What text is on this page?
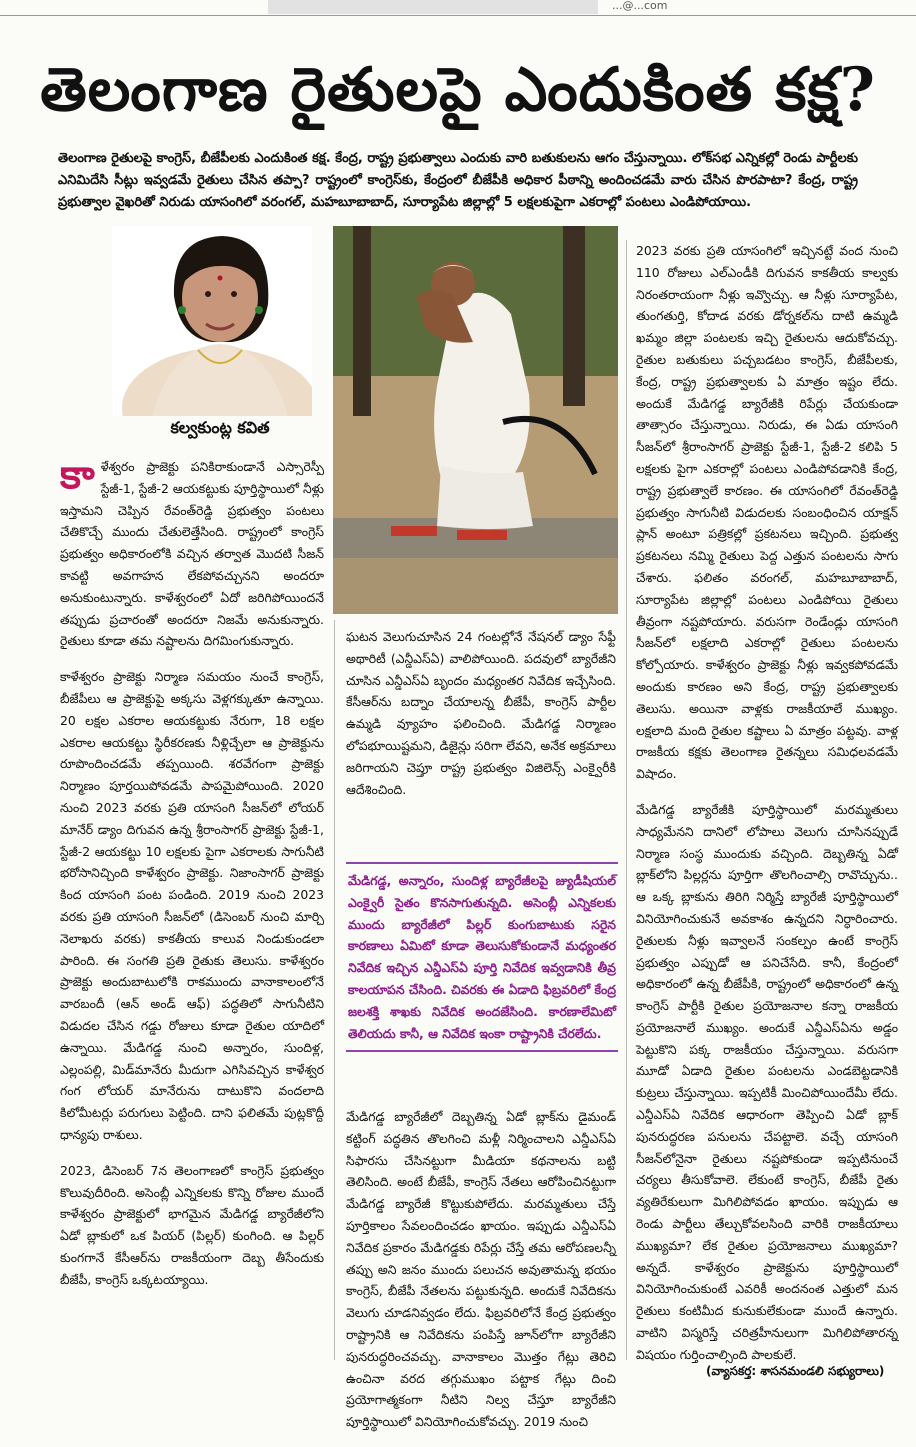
...@...com
తెలంగాణ రైతులపై ఎందుకింత కక్ష?
తెలంగాణ రైతులపై కాంగ్రెస్, బీజేపీలకు ఎందుకింత కక్ష. కేంద్ర, రాష్ట్ర ప్రభుత్వాలు ఎందుకు వారి బతుకులను ఆగం చేస్తున్నాయి. లోక్‌సభ ఎన్నికల్లో రెండు పార్టీలకు ఎనిమిదేసి సీట్లు ఇవ్వడమే రైతులు చేసిన తప్పా? రాష్ట్రంలో కాంగ్రెస్‌కు, కేంద్రంలో బీజేపీకి అధికార పీఠాన్ని అందించడమే వారు చేసిన పొరపాటా? కేంద్ర, రాష్ట్ర ప్రభుత్వాల వైఖరితో నిరుడు యాసంగిలో వరంగల్, మహబూబాబాద్, సూర్యాపేట జిల్లాల్లో 5 లక్షలకుపైగా ఎకరాల్లో పంటలు ఎండిపోయాయి.
కల్వకుంట్ల కవిత

కాళేశ్వరం ప్రాజెక్టు పనికిరాకుండానే ఎస్సారెస్పీ స్టేజీ-1, స్టేజీ-2 ఆయకట్టుకు పూర్తిస్థాయిలో నీళ్లు ఇస్తామని చెప్పిన రేవంత్‌రెడ్డి ప్రభుత్వం పంటలు చేతికొచ్చే ముందు చేతులెత్తేసింది. రాష్ట్రంలో కాంగ్రెస్ ప్రభుత్వం అధికారంలోకి వచ్చిన తర్వాత మొదటి సీజన్ కావట్టి అవగాహన లేకపోవచ్చునని అందరూ అనుకుంటున్నారు. కాళేశ్వరంలో ఏదో జరిగిపోయిందనే తప్పుడు ప్రచారంతో అందరూ నిజమే అనుకున్నారు. రైతులు కూడా తమ నష్టాలను దిగమింగుకున్నారు.

కాళేశ్వరం ప్రాజెక్టు నిర్మాణ సమయం నుంచే కాంగ్రెస్, బీజేపీలు ఆ ప్రాజెక్టుపై అక్కసు వెళ్లగక్కుతూ ఉన్నాయి. 20 లక్షల ఎకరాల ఆయకట్టుకు నేరుగా, 18 లక్షల ఎకరాల ఆయకట్టు స్థిరీకరణకు నీళ్లిచ్చేలా ఆ ప్రాజెక్టును రూపొందించడమే తప్పయింది. శరవేగంగా ప్రాజెక్టు నిర్మాణం పూర్తయిపోవడమే పాపమైపోయింది. 2020 నుంచి 2023 వరకు ప్రతి యాసంగి సీజన్‌లో లోయర్ మానేర్ డ్యాం దిగువన ఉన్న శ్రీరాంసాగర్ ప్రాజెక్టు స్టేజీ-1, స్టేజీ-2 ఆయకట్టు 10 లక్షలకు పైగా ఎకరాలకు సాగునీటి భరోసానిచ్చింది కాళేశ్వరం ప్రాజెక్టు. నిజాంసాగర్ ప్రాజెక్టు కింద యాసంగి పంట పండింది. 2019 నుంచి 2023 వరకు ప్రతి యాసంగి సీజన్‌లో (డిసెంబర్ నుంచి మార్చి నెలాఖరు వరకు) కాకతీయ కాలువ నిండుకుండలా పారింది. ఈ సంగతి ప్రతి రైతుకు తెలుసు. కాళేశ్వరం ప్రాజెక్టు అందుబాటులోకి రాకముందు వానాకాలంలోనే వారబందీ (ఆన్ అండ్ ఆఫ్) పద్ధతిలో సాగునీటిని విడుదల చేసిన గడ్డు రోజులు కూడా రైతుల యాదిలో ఉన్నాయి. మేడిగడ్డ నుంచి అన్నారం, సుందిళ్ల, ఎల్లంపల్లి, మిడ్‌మానేరు మీదుగా ఎగిసివచ్చిన కాళేశ్వర గంగ లోయర్ మానేరును దాటుకొని వందలాది కిలోమీటర్లు పరుగులు పెట్టింది. దాని ఫలితమే పుట్లకొద్దీ ధాన్యపు రాశులు.

2023, డిసెంబర్ 7న తెలంగాణలో కాంగ్రెస్ ప్రభుత్వం కొలువుదీరింది. అసెంబ్లీ ఎన్నికలకు కొన్ని రోజుల ముందే కాళేశ్వరం ప్రాజెక్టులో భాగమైన మేడిగడ్డ బ్యారేజీలోని ఏడో బ్లాకులో ఒక పియర్ (పిల్లర్) కుంగింది. ఆ పిల్లర్ కుంగగానే కేసీఆర్‌ను రాజకీయంగా దెబ్బ తీసేందుకు బీజేపీ, కాంగ్రెస్ ఒక్కటయ్యాయి.

ఘటన వెలుగుచూసిన 24 గంటల్లోనే నేషనల్ డ్యాం సేఫ్టీ అథారిటీ (ఎన్డీఎస్ఏ) వాలిపోయింది. పదవులో బ్యారేజీని చూసిన ఎన్డీఎస్ఏ బృందం మధ్యంతర నివేదిక ఇచ్చేసింది. కేసీఆర్‌ను బద్నాం చేయాలన్న బీజేపీ, కాంగ్రెస్ పార్టీల ఉమ్మడి వ్యూహం ఫలించింది. మేడిగడ్డ నిర్మాణం లోపభూయిష్టమని, డిజైన్లు సరిగా లేవని, అనేక అక్రమాలు జరిగాయని చెప్తూ రాష్ట్ర ప్రభుత్వం విజిలెన్స్ ఎంక్వైరీకి ఆదేశించింది.

మేడిగడ్డ, అన్నారం, సుందిళ్ల బ్యారేజీలపై జ్యుడీషియల్ ఎంక్వైరీ సైతం కొనసాగుతున్నది. అసెంబ్లీ ఎన్నికలకు ముందు బ్యారేజీలో పిల్లర్ కుంగుబాటుకు సరైన కారణాలు ఏమిటో కూడా తెలుసుకోకుండానే మధ్యంతర నివేదిక ఇచ్చిన ఎన్డీఎస్ఏ పూర్తి నివేదిక ఇవ్వడానికి తీవ్ర కాలయాపన చేసింది. చివరకు ఈ ఏడాది ఫిబ్రవరిలో కేంద్ర జలశక్తి శాఖకు నివేదిక అందజేసింది. కారణాలేమిటో తెలియదు కానీ, ఆ నివేదిక ఇంకా రాష్ట్రానికి చేరలేదు.

మేడిగడ్డ బ్యారేజీలో దెబ్బతిన్న ఏడో బ్లాక్‌ను డైమండ్ కట్టింగ్ పద్ధతిన తొలగించి మళ్లీ నిర్మించాలని ఎన్డీఎస్ఏ సిఫారసు చేసినట్టుగా మీడియా కథనాలను బట్టి తెలిసింది. అంటే బీజేపీ, కాంగ్రెస్ నేతలు ఆరోపించినట్టుగా మేడిగడ్డ బ్యారేజీ కొట్టుకుపోలేదు. మరమ్మతులు చేస్తే పూర్తికాలం సేవలందించడం ఖాయం. ఇప్పుడు ఎన్డీఎస్ఏ నివేదిక ప్రకారం మేడిగడ్డకు రిపేర్లు చేస్తే తమ ఆరోపణలన్నీ తప్పు అని జనం ముందు పలుచన అవుతామన్న భయం కాంగ్రెస్, బీజేపీ నేతలను పట్టుకున్నది. అందుకే నివేదికను వెలుగు చూడనివ్వడం లేదు. ఫిబ్రవరిలోనే కేంద్ర ప్రభుత్వం రాష్ట్రానికి ఆ నివేదికను పంపిస్తే జూన్‌లోగా బ్యారేజీని పునరుద్ధరించవచ్చు. వానాకాలం మొత్తం గేట్లు తెరిచి ఉంచినా వరద తగ్గుముఖం పట్టాక గేట్లు దించి ప్రయోగాత్మకంగా నీటిని నిల్వ చేస్తూ బ్యారేజీని పూర్తిస్థాయిలో వినియోగించుకోవచ్చు. 2019 నుంచి

2023 వరకు ప్రతి యాసంగిలో ఇచ్చినట్టే వంద నుంచి 110 రోజులు ఎల్ఎండీకి దిగువన కాకతీయ కాల్వకు నిరంతరాయంగా నీళ్లు ఇవ్వొచ్చు. ఆ నీళ్లు సూర్యాపేట, తుంగతుర్తి, కోదాడ వరకు డోర్నకల్‌ను దాటి ఉమ్మడి ఖమ్మం జిల్లా పంటలకు ఇచ్చి రైతులను ఆదుకోవచ్చు. రైతుల బతుకులు పచ్చబడటం కాంగ్రెస్, బీజేపీలకు, కేంద్ర, రాష్ట్ర ప్రభుత్వాలకు ఏ మాత్రం ఇష్టం లేదు. అందుకే మేడిగడ్డ బ్యారేజీకి రిపేర్లు చేయకుండా తాత్సారం చేస్తున్నాయి. నిరుడు, ఈ ఏడు యాసంగి సీజన్‌లో శ్రీరాంసాగర్ ప్రాజెక్టు స్టేజీ-1, స్టేజీ-2 కలిపి 5 లక్షలకు పైగా ఎకరాల్లో పంటలు ఎండిపోవడానికి కేంద్ర, రాష్ట్ర ప్రభుత్వాలే కారణం. ఈ యాసంగిలో రేవంత్‌రెడ్డి ప్రభుత్వం సాగునీటి విడుదలకు సంబంధించిన యాక్షన్ ప్లాన్ అంటూ పత్రికల్లో ప్రకటనలు ఇచ్చింది. ప్రభుత్వ ప్రకటనలు నమ్మి రైతులు పెద్ద ఎత్తున పంటలను సాగు చేశారు. ఫలితం వరంగల్, మహబూబాబాద్, సూర్యాపేట జిల్లాల్లో పంటలు ఎండిపోయి రైతులు తీవ్రంగా నష్టపోయారు. వరుసగా రెండేండ్లు యాసంగి సీజన్‌లో లక్షలాది ఎకరాల్లో రైతులు పంటలను కోల్పోయారు. కాళేశ్వరం ప్రాజెక్టు నీళ్లు ఇవ్వకపోవడమే అందుకు కారణం అని కేంద్ర, రాష్ట్ర ప్రభుత్వాలకు తెలుసు. అయినా వాళ్లకు రాజకీయాలే ముఖ్యం. లక్షలాది మంది రైతుల కష్టాలు ఏ మాత్రం పట్టవు. వాళ్ల రాజకీయ కక్షకు తెలంగాణ రైతన్నలు సమిధలవడమే విషాదం.

మేడిగడ్డ బ్యారేజీకి పూర్తిస్థాయిలో మరమ్మతులు సాధ్యమేనని దానిలో లోపాలు వెలుగు చూసినప్పుడే నిర్మాణ సంస్థ ముందుకు వచ్చింది. దెబ్బతిన్న ఏడో బ్లాక్‌లోని పిల్లర్లను పూర్తిగా తొలగించాల్సి రావొచ్చును.. ఆ ఒక్క బ్లాకును తిరిగి నిర్మిస్తే బ్యారేజీ పూర్తిస్థాయిలో వినియోగించుకునే అవకాశం ఉన్నదని నిర్ధారించారు. రైతులకు నీళ్లు ఇవ్వాలనే సంకల్పం ఉంటే కాంగ్రెస్ ప్రభుత్వం ఎప్పుడో ఆ పనిచేసేది. కానీ, కేంద్రంలో అధికారంలో ఉన్న బీజేపీకి, రాష్ట్రంలో అధికారంలో ఉన్న కాంగ్రెస్ పార్టీకి రైతుల ప్రయోజనాల కన్నా రాజకీయ ప్రయోజనాలే ముఖ్యం. అందుకే ఎన్డీఎస్ఏను అడ్డం పెట్టుకొని పక్క రాజకీయం చేస్తున్నాయి. వరుసగా మూడో ఏడాది రైతుల పంటలను ఎండబెట్టడానికి కుట్రలు చేస్తున్నాయి. ఇప్పటికీ మించిపోయిందేమీ లేదు. ఎన్డీఎస్ఏ నివేదిక ఆధారంగా తెప్పించి ఏడో బ్లాక్ పునరుద్ధరణ పనులను చేపట్టాలె. వచ్చే యాసంగి సీజన్‌లోనైనా రైతులు నష్టపోకుండా ఇప్పటినుంచే చర్యలు తీసుకోవాలె. లేకుంటే కాంగ్రెస్, బీజేపీ రైతు వ్యతిరేకులుగా మిగిలిపోవడం ఖాయం. ఇప్పుడు ఆ రెండు పార్టీలు తేల్చుకోవలసింది వారికి రాజకీయాలు ముఖ్యమా? లేక రైతుల ప్రయోజనాలు ముఖ్యమా? అన్నదే. కాళేశ్వరం ప్రాజెక్టును పూర్తిస్థాయిలో వినియోగించుకుంటే ఎవరికీ అందనంత ఎత్తులో మన రైతులు కంటిమీద కునుకులేకుండా ముందే ఉన్నారు. వాటిని విస్మరిస్తే చరిత్రహీనులుగా మిగిలిపోతారన్న విషయం గుర్తించాల్సింది పాలకులే.

(వ్యాసకర్త: శాసనమండలి సభ్యురాలు)
